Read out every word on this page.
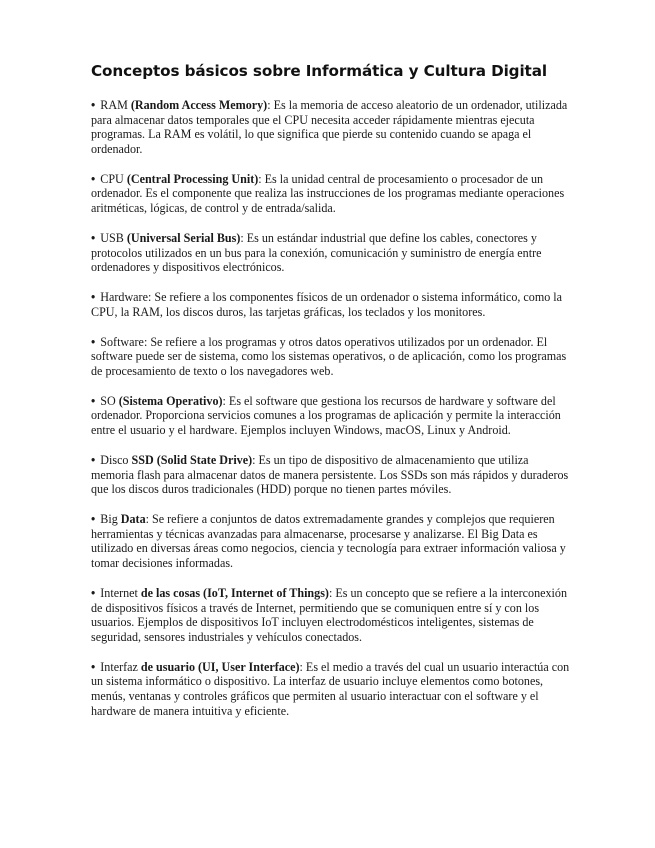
Conceptos básicos sobre Informática y Cultura Digital

• RAM (Random Access Memory): Es la memoria de acceso aleatorio de un ordenador, utilizada para almacenar datos temporales que el CPU necesita acceder rápidamente mientras ejecuta programas. La RAM es volátil, lo que significa que pierde su contenido cuando se apaga el ordenador.

• CPU (Central Processing Unit): Es la unidad central de procesamiento o procesador de un ordenador. Es el componente que realiza las instrucciones de los programas mediante operaciones aritméticas, lógicas, de control y de entrada/salida.

• USB (Universal Serial Bus): Es un estándar industrial que define los cables, conectores y protocolos utilizados en un bus para la conexión, comunicación y suministro de energía entre ordenadores y dispositivos electrónicos.

• Hardware: Se refiere a los componentes físicos de un ordenador o sistema informático, como la CPU, la RAM, los discos duros, las tarjetas gráficas, los teclados y los monitores.

• Software: Se refiere a los programas y otros datos operativos utilizados por un ordenador. El software puede ser de sistema, como los sistemas operativos, o de aplicación, como los programas de procesamiento de texto o los navegadores web.

• SO (Sistema Operativo): Es el software que gestiona los recursos de hardware y software del ordenador. Proporciona servicios comunes a los programas de aplicación y permite la interacción entre el usuario y el hardware. Ejemplos incluyen Windows, macOS, Linux y Android.

• Disco SSD (Solid State Drive): Es un tipo de dispositivo de almacenamiento que utiliza memoria flash para almacenar datos de manera persistente. Los SSDs son más rápidos y duraderos que los discos duros tradicionales (HDD) porque no tienen partes móviles.

• Big Data: Se refiere a conjuntos de datos extremadamente grandes y complejos que requieren herramientas y técnicas avanzadas para almacenarse, procesarse y analizarse. El Big Data es utilizado en diversas áreas como negocios, ciencia y tecnología para extraer información valiosa y tomar decisiones informadas.

• Internet de las cosas (IoT, Internet of Things): Es un concepto que se refiere a la interconexión de dispositivos físicos a través de Internet, permitiendo que se comuniquen entre sí y con los usuarios. Ejemplos de dispositivos IoT incluyen electrodomésticos inteligentes, sistemas de seguridad, sensores industriales y vehículos conectados.

• Interfaz de usuario (UI, User Interface): Es el medio a través del cual un usuario interactúa con un sistema informático o dispositivo. La interfaz de usuario incluye elementos como botones, menús, ventanas y controles gráficos que permiten al usuario interactuar con el software y el hardware de manera intuitiva y eficiente.
